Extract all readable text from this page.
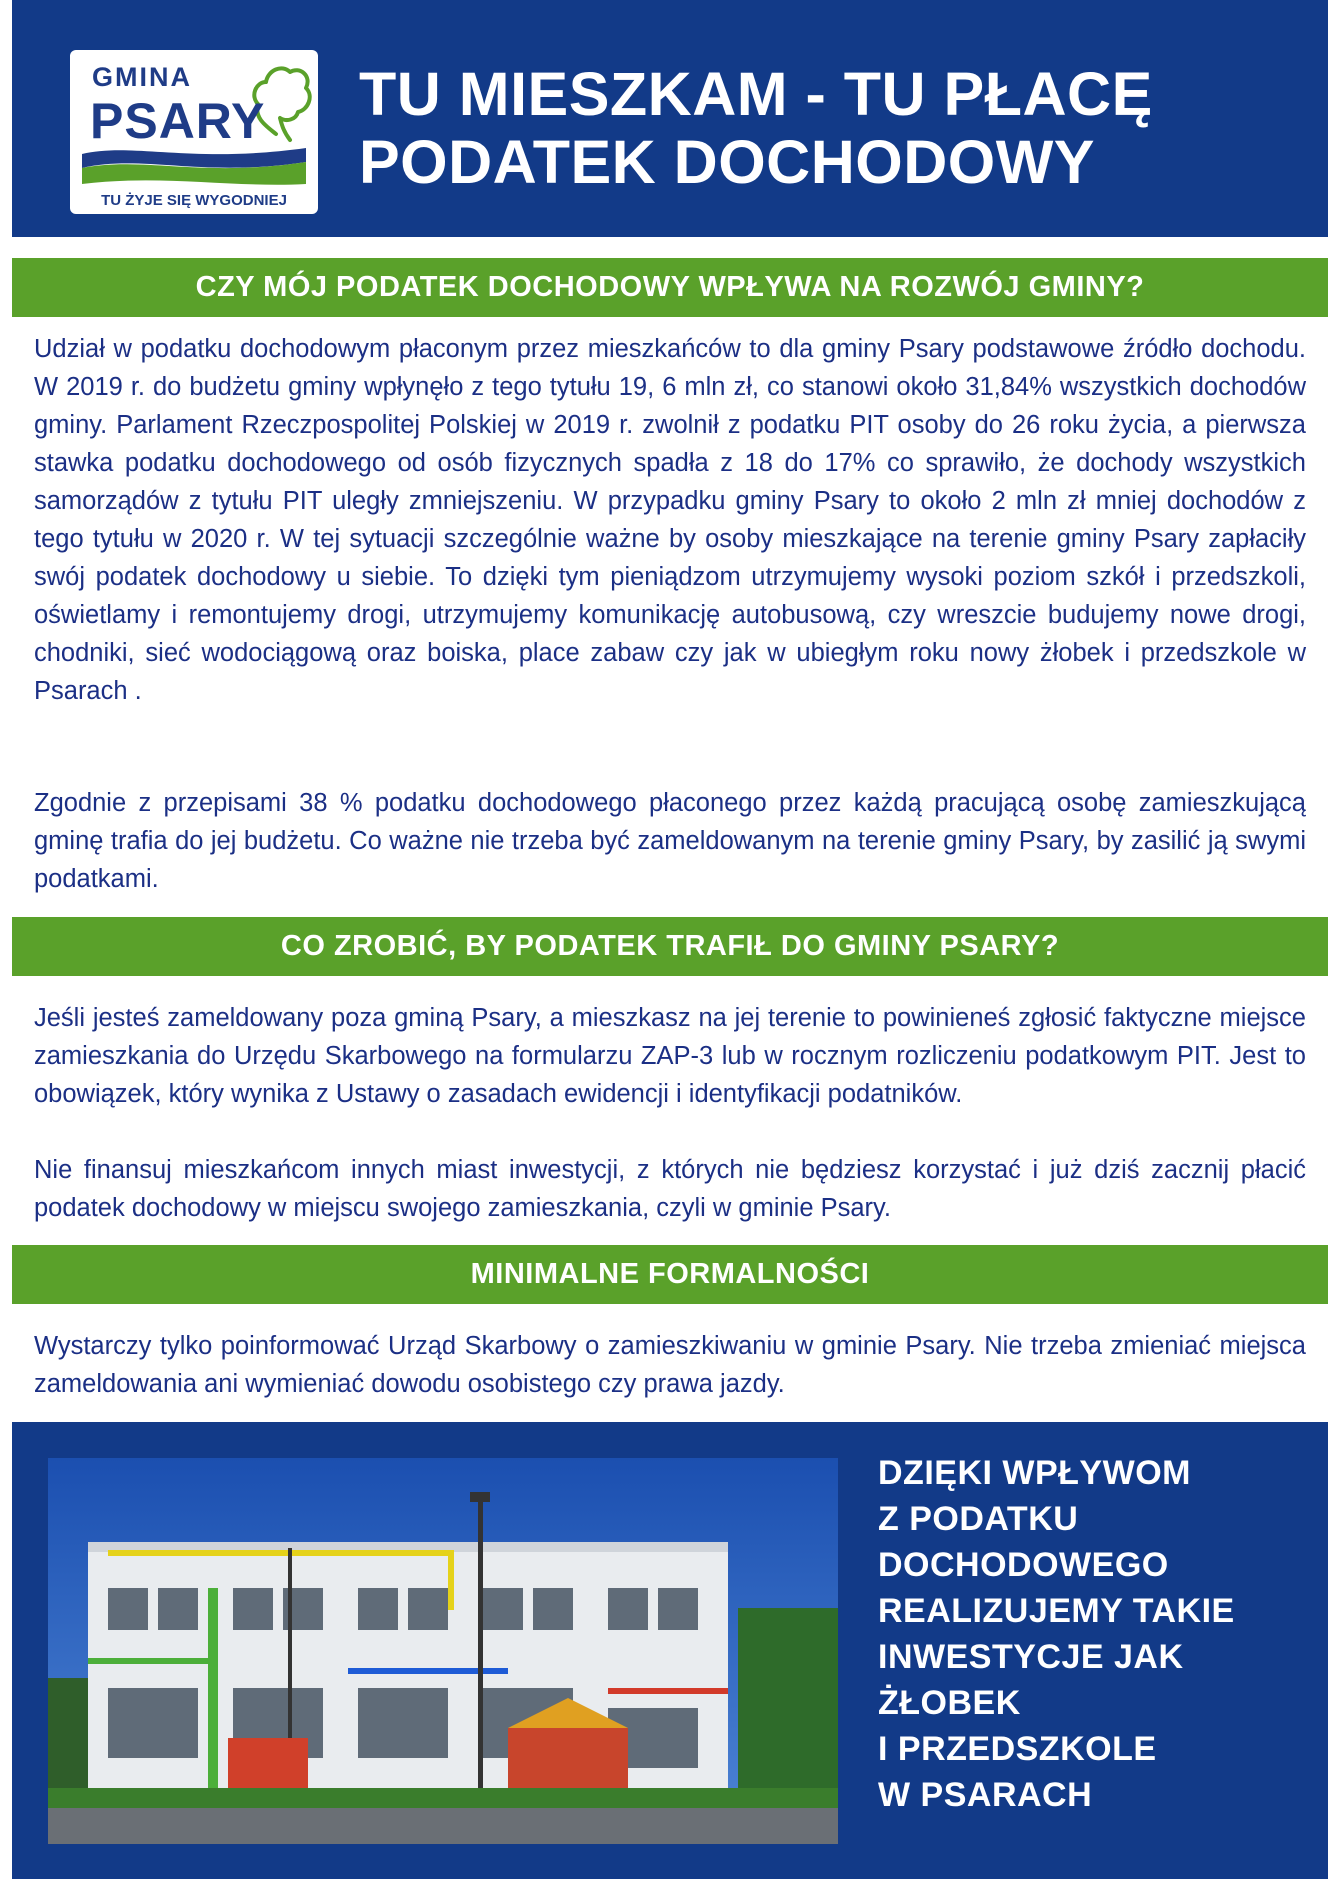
GMINA
PSARY
TU ŻYJE SIĘ WYGODNIEJ
TU MIESZKAM - TU PŁACĘ
PODATEK DOCHODOWY
CZY MÓJ PODATEK DOCHODOWY WPŁYWA NA ROZWÓJ GMINY?

Udział w podatku dochodowym płaconym przez mieszkańców to dla gminy Psary podstawowe źródło dochodu. W 2019 r. do budżetu gminy wpłynęło z tego tytułu 19, 6 mln zł, co stanowi około 31,84% wszystkich dochodów gminy. Parlament Rzeczpospolitej Polskiej w 2019 r. zwolnił z podatku PIT osoby do 26 roku życia, a pierwsza stawka podatku dochodowego od osób fizycznych spadła z 18 do 17% co sprawiło, że dochody wszystkich samorządów z tytułu PIT uległy zmniejszeniu. W przypadku gminy Psary to około 2 mln zł mniej dochodów z tego tytułu w 2020 r. W tej sytuacji szczególnie ważne by osoby mieszkające na terenie gminy Psary zapłaciły swój podatek dochodowy u siebie. To dzięki tym pieniądzom utrzymujemy wysoki poziom szkół i przedszkoli, oświetlamy i remontujemy drogi, utrzymujemy komunikację autobusową, czy wreszcie budujemy nowe drogi, chodniki, sieć wodociągową oraz boiska, place zabaw czy jak w ubiegłym roku nowy żłobek i przedszkole w Psarach .

Zgodnie z przepisami 38 % podatku dochodowego płaconego przez każdą pracującą osobę zamieszkującą gminę trafia do jej budżetu. Co ważne nie trzeba być zameldowanym na terenie gminy Psary, by zasilić ją swymi podatkami.

CO ZROBIĆ, BY PODATEK TRAFIŁ DO GMINY PSARY?

Jeśli jesteś zameldowany poza gminą Psary, a mieszkasz na jej terenie to powinieneś zgłosić faktyczne miejsce zamieszkania do Urzędu Skarbowego na formularzu ZAP-3 lub w rocznym rozliczeniu podatkowym PIT. Jest to obowiązek, który wynika z Ustawy o zasadach ewidencji i identyfikacji podatników.

Nie finansuj mieszkańcom innych miast inwestycji, z których nie będziesz korzystać i już dziś zacznij płacić podatek dochodowy w miejscu swojego zamieszkania, czyli w gminie Psary.

MINIMALNE FORMALNOŚCI

Wystarczy tylko poinformować Urząd Skarbowy o zamieszkiwaniu w gminie Psary. Nie trzeba zmieniać miejsca zameldowania ani wymieniać dowodu osobistego czy prawa jazdy.

DZIĘKI WPŁYWOM
Z PODATKU
DOCHODOWEGO
REALIZUJEMY TAKIE
INWESTYCJE JAK
ŻŁOBEK
I PRZEDSZKOLE
W PSARACH
